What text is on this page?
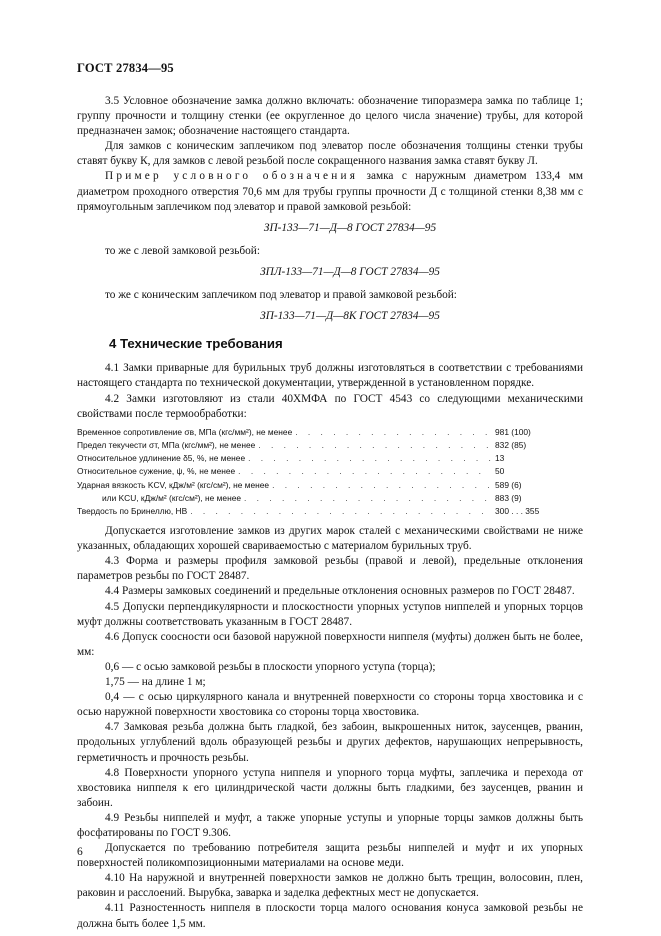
ГОСТ 27834—95

3.5 Условное обозначение замка должно включать: обозначение типоразмера замка по таблице 1; группу прочности и толщину стенки (ее округленное до целого числа значение) трубы, для которой предназначен замок; обозначение настоящего стандарта.

Для замков с коническим заплечиком под элеватор после обозначения толщины стенки трубы ставят букву К, для замков с левой резьбой после сокращенного названия замка ставят букву Л.

Пример условного обозначения замка с наружным диаметром 133,4 мм диаметром проходного отверстия 70,6 мм для трубы группы прочности Д с толщиной стенки 8,38 мм с прямоугольным заплечиком под элеватор и правой замковой резьбой:

ЗП-133—71—Д—8 ГОСТ 27834—95

то же с левой замковой резьбой:

ЗПЛ-133—71—Д—8 ГОСТ 27834—95

то же с коническим заплечиком под элеватор и правой замковой резьбой:

ЗП-133—71—Д—8К ГОСТ 27834—95

4 Технические требования

4.1 Замки приварные для бурильных труб должны изготовляться в соответствии с требованиями настоящего стандарта по технической документации, утвержденной в установленном порядке.

4.2 Замки изготовляют из стали 40ХМФА по ГОСТ 4543 со следующими механическими свойствами после термообработки:

Временное сопротивление σв, МПа (кгс/мм²), не менее . . .	981 (100)
Предел текучести σт, МПа (кгс/мм²), не менее . . .	832 (85)
Относительное удлинение δ5, %, не менее . . .	13
Относительное сужение, ψ, %, не менее . . .	50
Ударная вязкость KCV, кДж/м² (кгс/см²), не менее . . .	589 (6)
или KCU, кДж/м² (кгс/см²), не менее . . .	883 (9)
Твердость по Бринеллю, НВ . . .	300 . . . 355

Допускается изготовление замков из других марок сталей с механическими свойствами не ниже указанных, обладающих хорошей свариваемостью с материалом бурильных труб.

4.3 Форма и размеры профиля замковой резьбы (правой и левой), предельные отклонения параметров резьбы по ГОСТ 28487.

4.4 Размеры замковых соединений и предельные отклонения основных размеров по ГОСТ 28487.

4.5 Допуски перпендикулярности и плоскостности упорных уступов ниппелей и упорных торцов муфт должны соответствовать указанным в ГОСТ 28487.

4.6 Допуск соосности оси базовой наружной поверхности ниппеля (муфты) должен быть не более, мм:

0,6 — с осью замковой резьбы в плоскости упорного уступа (торца);

1,75 — на длине 1 м;

0,4 — с осью циркулярного канала и внутренней поверхности со стороны торца хвостовика и с осью наружной поверхности хвостовика со стороны торца хвостовика.

4.7 Замковая резьба должна быть гладкой, без забоин, выкрошенных ниток, заусенцев, рванин, продольных углублений вдоль образующей резьбы и других дефектов, нарушающих непрерывность, герметичность и прочность резьбы.

4.8 Поверхности упорного уступа ниппеля и упорного торца муфты, заплечика и перехода от хвостовика ниппеля к его цилиндрической части должны быть гладкими, без заусенцев, рванин и забоин.

4.9 Резьбы ниппелей и муфт, а также упорные уступы и упорные торцы замков должны быть фосфатированы по ГОСТ 9.306.

Допускается по требованию потребителя защита резьбы ниппелей и муфт и их упорных поверхностей поликомпозиционными материалами на основе меди.

4.10 На наружной и внутренней поверхности замков не должно быть трещин, волосовин, плен, раковин и расслоений. Вырубка, заварка и заделка дефектных мест не допускается.

4.11 Разностенность ниппеля в плоскости торца малого основания конуса замковой резьбы не должна быть более 1,5 мм.

6
